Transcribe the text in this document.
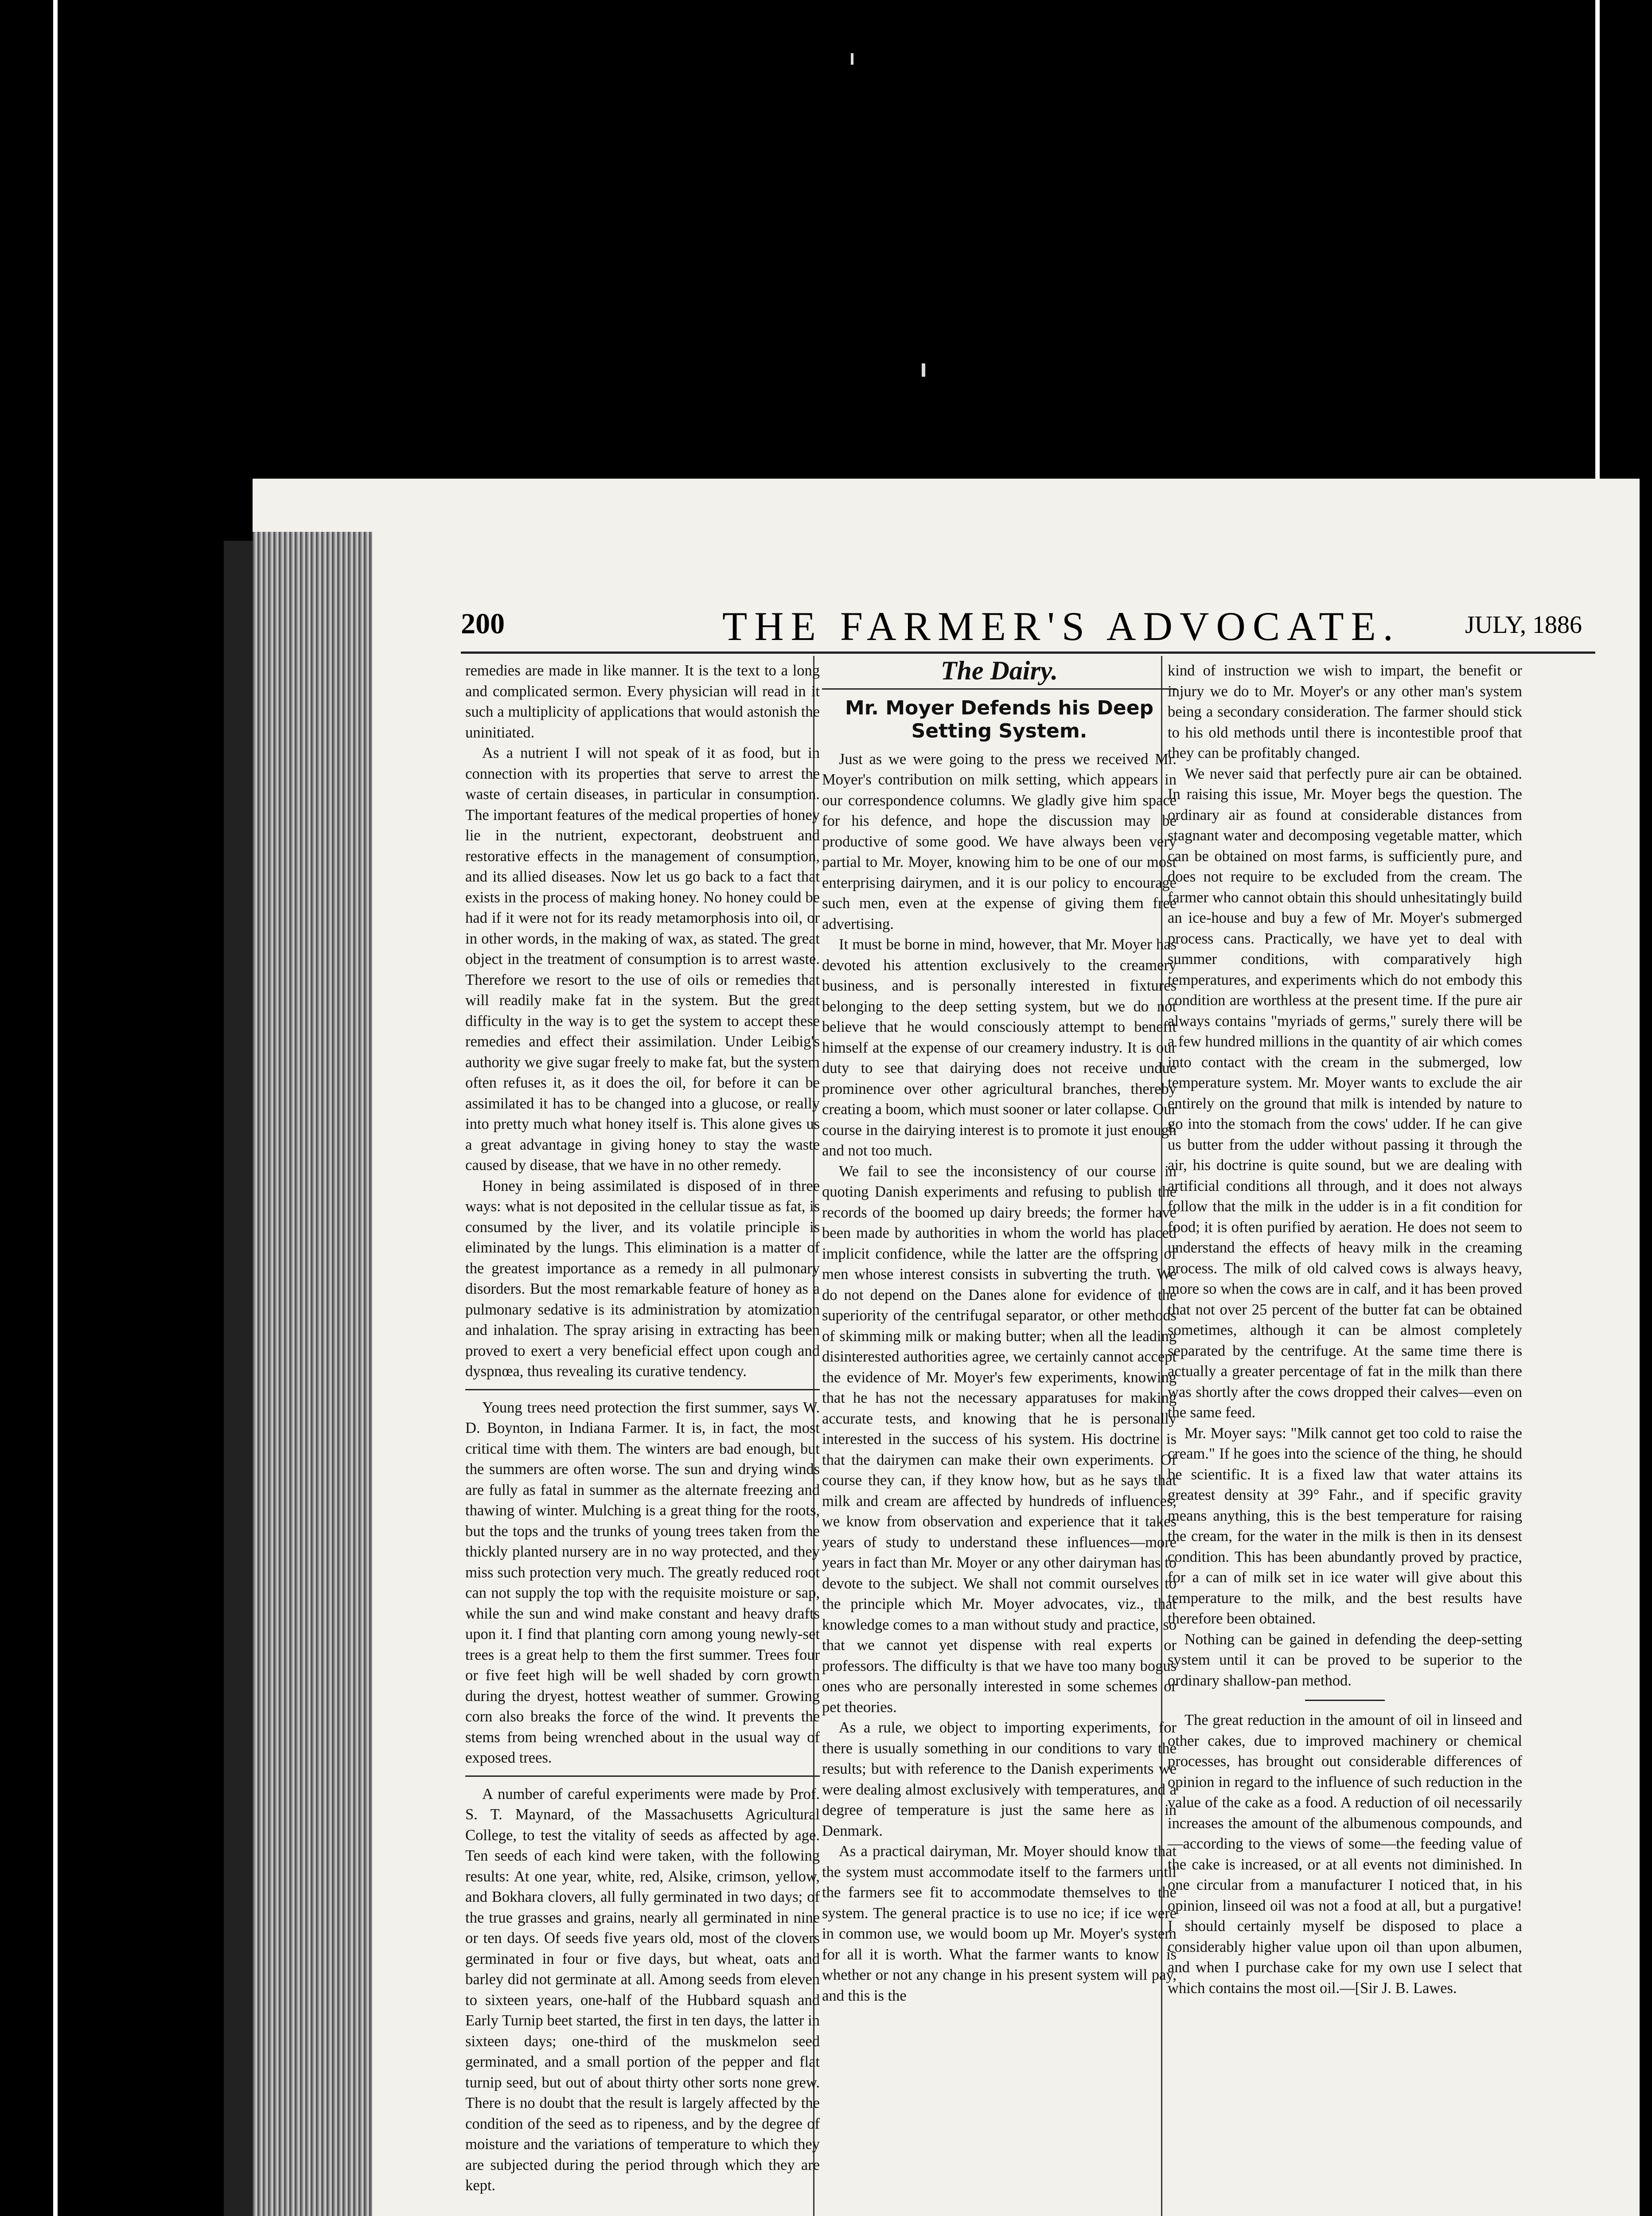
200	THE FARMER'S ADVOCATE.	JULY, 1886

remedies are made in like manner. It is the text to a long and complicated sermon. Every physician will read in it such a multiplicity of applications that would astonish the uninitiated.

As a nutrient I will not speak of it as food, but in connection with its properties that serve to arrest the waste of certain diseases, in particular in consumption. The important features of the medical properties of honey lie in the nutrient, expectorant, deobstruent and restorative effects in the management of consumption, and its allied diseases. Now let us go back to a fact that exists in the process of making honey. No honey could be had if it were not for its ready metamorphosis into oil, or in other words, in the making of wax, as stated. The great object in the treatment of consumption is to arrest waste. Therefore we resort to the use of oils or remedies that will readily make fat in the system. But the great difficulty in the way is to get the system to accept these remedies and effect their assimilation. Under Leibig's authority we give sugar freely to make fat, but the system often refuses it, as it does the oil, for before it can be assimilated it has to be changed into a glucose, or really into pretty much what honey itself is. This alone gives us a great advantage in giving honey to stay the waste caused by disease, that we have in no other remedy.

Honey in being assimilated is disposed of in three ways: what is not deposited in the cellular tissue as fat, is consumed by the liver, and its volatile principle is eliminated by the lungs. This elimination is a matter of the greatest importance as a remedy in all pulmonary disorders. But the most remarkable feature of honey as a pulmonary sedative is its administration by atomization and inhalation. The spray arising in extracting has been proved to exert a very beneficial effect upon cough and dyspnœa, thus revealing its curative tendency.

Young trees need protection the first summer, says W. D. Boynton, in Indiana Farmer. It is, in fact, the most critical time with them. The winters are bad enough, but the summers are often worse. The sun and drying winds are fully as fatal in summer as the alternate freezing and thawing of winter. Mulching is a great thing for the roots, but the tops and the trunks of young trees taken from the thickly planted nursery are in no way protected, and they miss such protection very much. The greatly reduced root can not supply the top with the requisite moisture or sap, while the sun and wind make constant and heavy drafts upon it. I find that planting corn among young newly-set trees is a great help to them the first summer. Trees four or five feet high will be well shaded by corn growth during the dryest, hottest weather of summer. Growing corn also breaks the force of the wind. It prevents the stems from being wrenched about in the usual way of exposed trees.

A number of careful experiments were made by Prof. S. T. Maynard, of the Massachusetts Agricultural College, to test the vitality of seeds as affected by age. Ten seeds of each kind were taken, with the following results: At one year, white, red, Alsike, crimson, yellow, and Bokhara clovers, all fully germinated in two days; of the true grasses and grains, nearly all germinated in nine or ten days. Of seeds five years old, most of the clovers germinated in four or five days, but wheat, oats and barley did not germinate at all. Among seeds from eleven to sixteen years, one-half of the Hubbard squash and Early Turnip beet started, the first in ten days, the latter in sixteen days; one-third of the muskmelon seed germinated, and a small portion of the pepper and flat turnip seed, but out of about thirty other sorts none grew. There is no doubt that the result is largely affected by the condition of the seed as to ripeness, and by the degree of moisture and the variations of temperature to which they are subjected during the period through which they are kept.

The Dairy.
Mr. Moyer Defends his Deep Setting System.

Just as we were going to the press we received Mr. Moyer's contribution on milk setting, which appears in our correspondence columns. We gladly give him space for his defence, and hope the discussion may be productive of some good. We have always been very partial to Mr. Moyer, knowing him to be one of our most enterprising dairymen, and it is our policy to encourage such men, even at the expense of giving them free advertising.

It must be borne in mind, however, that Mr. Moyer has devoted his attention exclusively to the creamery business, and is personally interested in fixtures belonging to the deep setting system, but we do not believe that he would consciously attempt to benefit himself at the expense of our creamery industry. It is our duty to see that dairying does not receive undue prominence over other agricultural branches, thereby creating a boom, which must sooner or later collapse. Our course in the dairying interest is to promote it just enough and not too much.

We fail to see the inconsistency of our course in quoting Danish experiments and refusing to publish the records of the boomed up dairy breeds; the former have been made by authorities in whom the world has placed implicit confidence, while the latter are the offspring of men whose interest consists in subverting the truth. We do not depend on the Danes alone for evidence of the superiority of the centrifugal separator, or other methods of skimming milk or making butter; when all the leading disinterested authorities agree, we certainly cannot accept the evidence of Mr. Moyer's few experiments, knowing that he has not the necessary apparatuses for making accurate tests, and knowing that he is personally interested in the success of his system. His doctrine is that the dairymen can make their own experiments. Of course they can, if they know how, but as he says that milk and cream are affected by hundreds of influences, we know from observation and experience that it takes years of study to understand these influences—more years in fact than Mr. Moyer or any other dairyman has to devote to the subject. We shall not commit ourselves to the principle which Mr. Moyer advocates, viz., that knowledge comes to a man without study and practice, so that we cannot yet dispense with real experts or professors. The difficulty is that we have too many bogus ones who are personally interested in some schemes or pet theories.

As a rule, we object to importing experiments, for there is usually something in our conditions to vary the results; but with reference to the Danish experiments we were dealing almost exclusively with temperatures, and a degree of temperature is just the same here as in Denmark.

As a practical dairyman, Mr. Moyer should know that the system must accommodate itself to the farmers until the farmers see fit to accommodate themselves to the system. The general practice is to use no ice; if ice were in common use, we would boom up Mr. Moyer's system for all it is worth. What the farmer wants to know is whether or not any change in his present system will pay, and this is the

kind of instruction we wish to impart, the benefit or injury we do to Mr. Moyer's or any other man's system being a secondary consideration. The farmer should stick to his old methods until there is incontestible proof that they can be profitably changed.

We never said that perfectly pure air can be obtained. In raising this issue, Mr. Moyer begs the question. The ordinary air as found at considerable distances from stagnant water and decomposing vegetable matter, which can be obtained on most farms, is sufficiently pure, and does not require to be excluded from the cream. The farmer who cannot obtain this should unhesitatingly build an ice-house and buy a few of Mr. Moyer's submerged process cans. Practically, we have yet to deal with summer conditions, with comparatively high temperatures, and experiments which do not embody this condition are worthless at the present time. If the pure air always contains "myriads of germs," surely there will be a few hundred millions in the quantity of air which comes into contact with the cream in the submerged, low temperature system. Mr. Moyer wants to exclude the air entirely on the ground that milk is intended by nature to go into the stomach from the cows' udder. If he can give us butter from the udder without passing it through the air, his doctrine is quite sound, but we are dealing with artificial conditions all through, and it does not always follow that the milk in the udder is in a fit condition for food; it is often purified by aeration. He does not seem to understand the effects of heavy milk in the creaming process. The milk of old calved cows is always heavy, more so when the cows are in calf, and it has been proved that not over 25 percent of the butter fat can be obtained sometimes, although it can be almost completely separated by the centrifuge. At the same time there is actually a greater percentage of fat in the milk than there was shortly after the cows dropped their calves—even on the same feed.

Mr. Moyer says: "Milk cannot get too cold to raise the cream." If he goes into the science of the thing, he should be scientific. It is a fixed law that water attains its greatest density at 39° Fahr., and if specific gravity means anything, this is the best temperature for raising the cream, for the water in the milk is then in its densest condition. This has been abundantly proved by practice, for a can of milk set in ice water will give about this temperature to the milk, and the best results have therefore been obtained.

Nothing can be gained in defending the deep-setting system until it can be proved to be superior to the ordinary shallow-pan method.

The great reduction in the amount of oil in linseed and other cakes, due to improved machinery or chemical processes, has brought out considerable differences of opinion in regard to the influence of such reduction in the value of the cake as a food. A reduction of oil necessarily increases the amount of the albumenous compounds, and—according to the views of some—the feeding value of the cake is increased, or at all events not diminished. In one circular from a manufacturer I noticed that, in his opinion, linseed oil was not a food at all, but a purgative! I should certainly myself be disposed to place a considerably higher value upon oil than upon albumen, and when I purchase cake for my own use I select that which contains the most oil.—[Sir J. B. Lawes.
